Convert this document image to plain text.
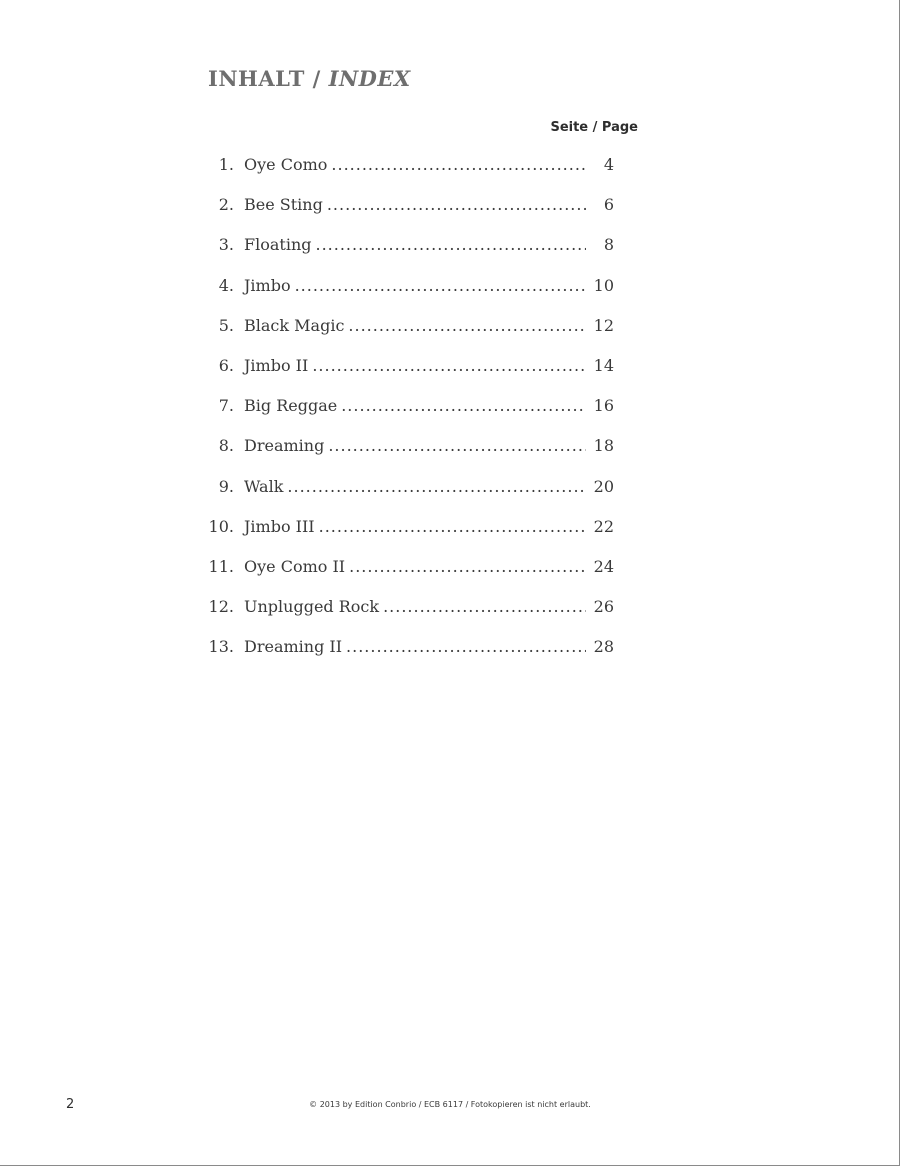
INHALT / INDEX
Seite / Page
1. Oye Como .....	4
2. Bee Sting .....	6
3. Floating .....	8
4. Jimbo .....	10
5. Black Magic .....	12
6. Jimbo II .....	14
7. Big Reggae .....	16
8. Dreaming .....	18
9. Walk .....	20
10. Jimbo III .....	22
11. Oye Como II .....	24
12. Unplugged Rock .....	26
13. Dreaming II .....	28
2	© 2013 by Edition Conbrio / ECB 6117 / Fotokopieren ist nicht erlaubt.
